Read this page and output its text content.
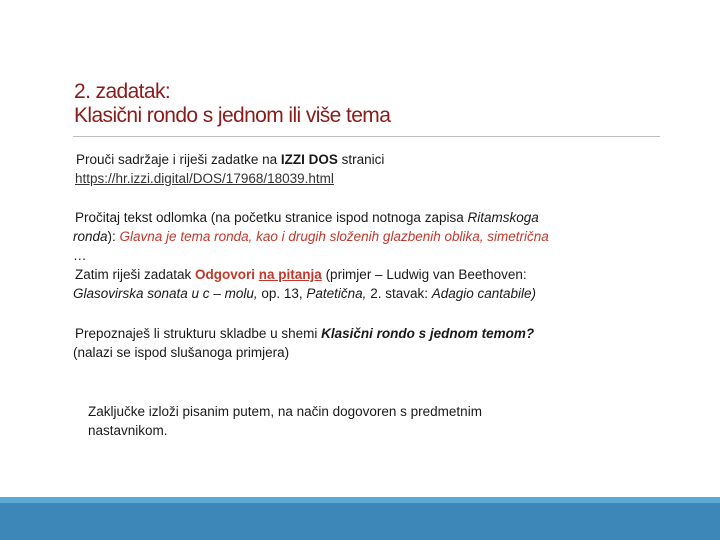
2. zadatak:
Klasični rondo s jednom ili više tema
Prouči sadržaje i riješi zadatke na IZZI DOS stranici
https://hr.izzi.digital/DOS/17968/18039.html
Pročitaj tekst odlomka (na početku stranice ispod notnoga zapisa Ritamskoga
ronda): Glavna je tema ronda, kao i drugih složenih glazbenih oblika, simetrična
…
Zatim riješi zadatak Odgovori na pitanja (primjer – Ludwig van Beethoven:
Glasovirska sonata u c – molu, op. 13, Patetična, 2. stavak: Adagio cantabile)
Prepoznaješ li strukturu skladbe u shemi Klasični rondo s jednom temom?
(nalazi se ispod slušanoga primjera)
Zaključke izloži pisanim putem, na način dogovoren s predmetnim
nastavnikom.
